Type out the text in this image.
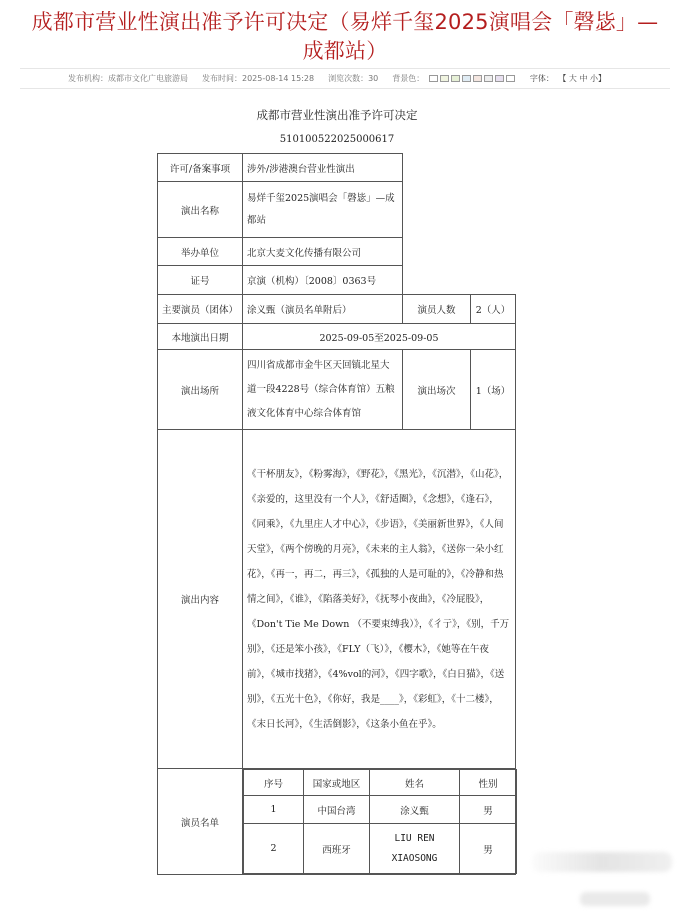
成都市营业性演出准予许可决定（易烊千玺2025演唱会「磬毖」—成都站）
发布机构：成都市文化广电旅游局 发布时间：2025-08-14 15:28 浏览次数：30 背景色：	字体： 【 大 中 小】
成都市营业性演出准予许可决定
510100522025000617
许可/备案事项	涉外/涉港澳台营业性演出	
演出名称	易烊千玺2025演唱会「磬毖」—成都站	
举办单位	北京大麦文化传播有限公司	
证号	京演（机构）〔2008〕0363号	
主要演员（团体）	涂义甄（演员名单附后）	演员人数	2（人）
本地演出日期	2025-09-05至2025-09-05
演出场所	四川省成都市金牛区天回镇北星大道一段4228号（综合体育馆）五粮液文化体育中心综合体育馆	演出场次	1（场）
演出内容	《干杯朋友》，《粉雾海》，《野花》，《黑光》，《沉潜》，《山花》，《亲爱的，这里没有一个人》，《舒适圈》，《念想》，《逢石》，《同乘》，《九里庄人才中心》，《步语》，《美丽新世界》，《人间天堂》，《两个傍晚的月亮》，《未来的主人翁》，《送你一朵小红花》，《再一，再二，再三》，《孤独的人是可耻的》，《冷静和热情之间》，《谁》，《陷落美好》，《抚琴小夜曲》，《冷屁股》，《Don't Tie Me Down （不要束缚我）》，《彳亍》，《别，千万别》，《还是笨小孩》，《FLY（飞）》，《樱木》，《她等在午夜前》，《城市找猪》，《4%vol的河》，《四字歌》，《白日猫》，《送别》，《五光十色》，《你好，我是____》，《彩虹》，《十二楼》，《末日长河》，《生活倒影》，《这条小鱼在乎》。
演员名单	
序号	国家或地区	姓名	性别
1	中国台湾	涂义甄	男
2	西班牙	LIU REN XIAOSONG	男
